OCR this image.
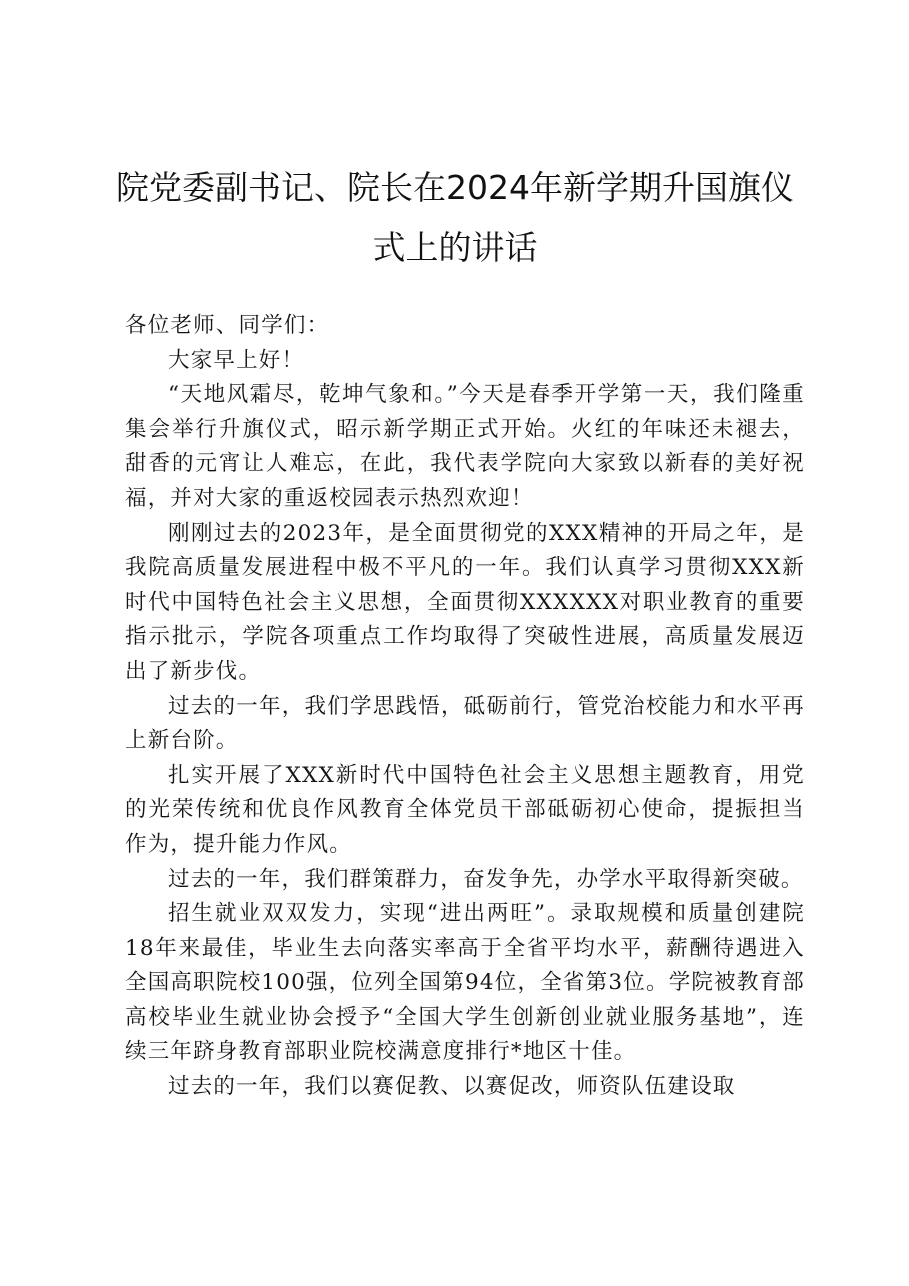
院党委副书记、院长在2024年新学期升国旗仪式上的讲话

各位老师、同学们：

大家早上好！

“天地风霜尽，乾坤气象和。”今天是春季开学第一天，我们隆重集会举行升旗仪式，昭示新学期正式开始。火红的年味还未褪去，甜香的元宵让人难忘，在此，我代表学院向大家致以新春的美好祝福，并对大家的重返校园表示热烈欢迎！

刚刚过去的2023年，是全面贯彻党的XXX精神的开局之年，是我院高质量发展进程中极不平凡的一年。我们认真学习贯彻XXX新时代中国特色社会主义思想，全面贯彻XXXXXX对职业教育的重要指示批示，学院各项重点工作均取得了突破性进展，高质量发展迈出了新步伐。

过去的一年，我们学思践悟，砥砺前行，管党治校能力和水平再上新台阶。

扎实开展了XXX新时代中国特色社会主义思想主题教育，用党的光荣传统和优良作风教育全体党员干部砥砺初心使命，提振担当作为，提升能力作风。

过去的一年，我们群策群力，奋发争先，办学水平取得新突破。

招生就业双双发力，实现“进出两旺”。录取规模和质量创建院18年来最佳，毕业生去向落实率高于全省平均水平，薪酬待遇进入全国高职院校100强，位列全国第94位，全省第3位。学院被教育部高校毕业生就业协会授予“全国大学生创新创业就业服务基地”，连续三年跻身教育部职业院校满意度排行*地区十佳。

过去的一年，我们以赛促教、以赛促改，师资队伍建设取
